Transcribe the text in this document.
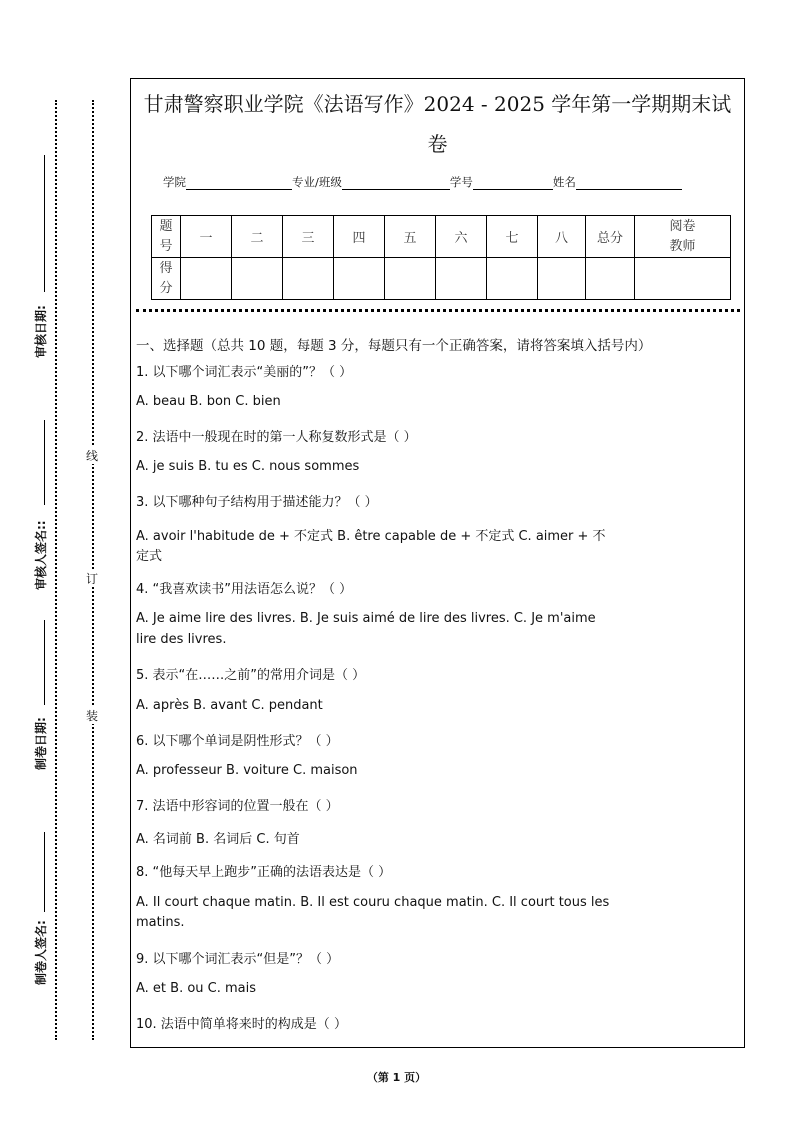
甘肃警察职业学院《法语写作》2024 - 2025 学年第一学期期末试
卷
学院	专业/班级	学号	姓名
题号	一	二	三	四	五	六	七	八	总分	阅卷教师
得分										
一、选择题（总共 10 题，每题 3 分，每题只有一个正确答案，请将答案填入括号内）
1. 以下哪个词汇表示“美丽的”？（ ）
A. beau B. bon C. bien
2. 法语中一般现在时的第一人称复数形式是（ ）
A. je suis B. tu es C. nous sommes
3. 以下哪种句子结构用于描述能力？（ ）
A. avoir l'habitude de + 不定式 B. être capable de + 不定式 C. aimer + 不
定式
4. “我喜欢读书”用法语怎么说？（ ）
A. Je aime lire des livres. B. Je suis aimé de lire des livres. C. Je m'aime
lire des livres.
5. 表示“在……之前”的常用介词是（ ）
A. après B. avant C. pendant
6. 以下哪个单词是阴性形式？（ ）
A. professeur B. voiture C. maison
7. 法语中形容词的位置一般在（ ）
A. 名词前 B. 名词后 C. 句首
8. “他每天早上跑步”正确的法语表达是（ ）
A. Il court chaque matin. B. Il est couru chaque matin. C. Il court tous les
matins.
9. 以下哪个词汇表示“但是”？（ ）
A. et B. ou C. mais
10. 法语中简单将来时的构成是（ ）
线
订
装
制卷人签名:
制卷日期:
审核人签名::
审核日期:
（第 1 页）
